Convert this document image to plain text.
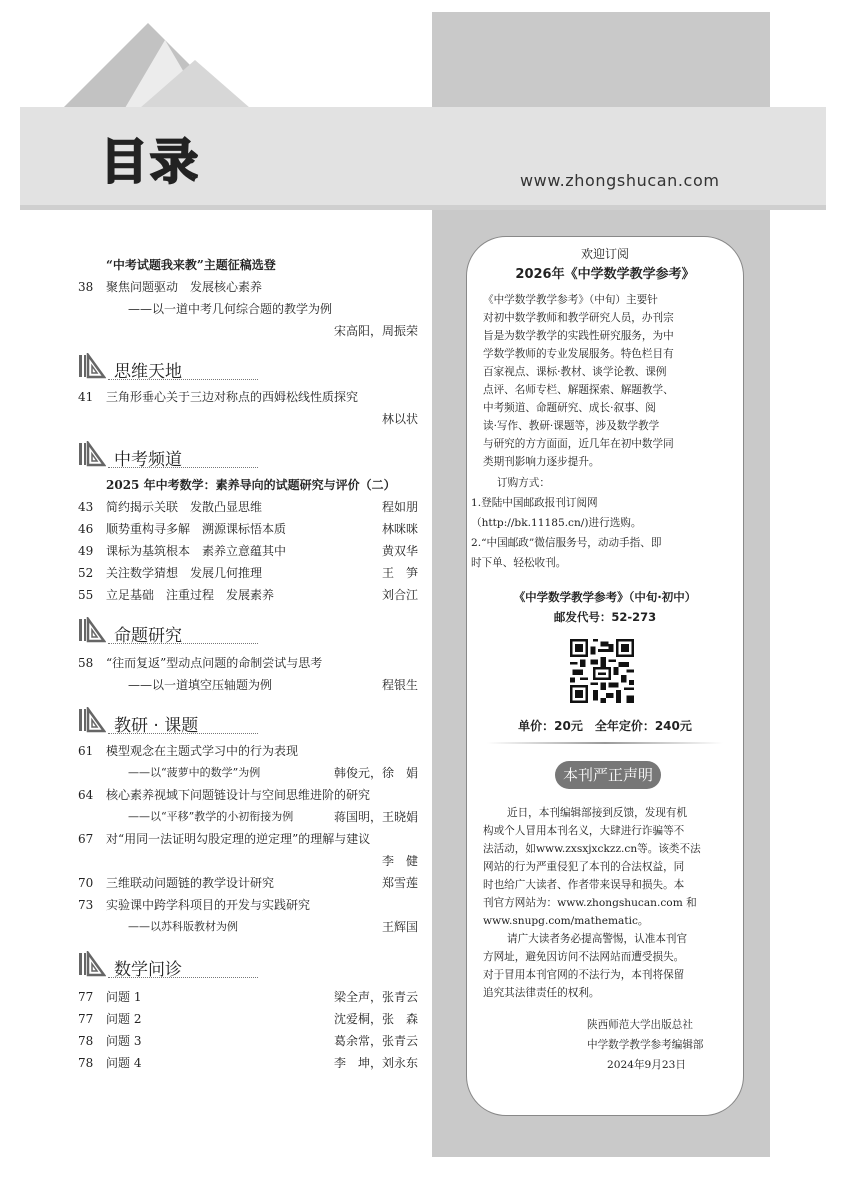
目录	www.zhongshucan.com
“中考试题我来教”主题征稿选登
38	聚焦问题驱动　发展核心素养
——以一道中考几何综合题的教学为例
宋高阳，周振荣
思维天地
41	三角形垂心关于三边对称点的西姆松线性质探究
林以状
中考频道
2025 年中考数学：素养导向的试题研究与评价（二）
43	简约揭示关联　发散凸显思维	程如朋
46	顺势重构寻多解　溯源课标悟本质	林咪咪
49	课标为基筑根本　素养立意蕴其中	黄双华
52	关注数学猜想　发展几何推理	王　笋
55	立足基础　注重过程　发展素养	刘合江
命题研究
58	“往而复返”型动点问题的命制尝试与思考
——以一道填空压轴题为例	程银生
教研 · 课题
61	模型观念在主题式学习中的行为表现
——以“菠萝中的数学”为例	韩俊元，徐　娟
64	核心素养视域下问题链设计与空间思维进阶的研究
——以“平移”教学的小初衔接为例	蒋国明，王晓娟
67	对“用同一法证明勾股定理的逆定理”的理解与建议
李　健
70	三维联动问题链的教学设计研究	郑雪莲
73	实验课中跨学科项目的开发与实践研究
——以苏科版教材为例	王辉国
数学问诊
77	问题 1	梁全声，张青云
77	问题 2	沈爱桐，张　森
78	问题 3	葛余常，张青云
78	问题 4	李　坤，刘永东
欢迎订阅
2026年《中学数学教学参考》
《中学数学教学参考》（中旬）主要针
对初中数学教师和教学研究人员，办刊宗
旨是为数学教学的实践性研究服务，为中
学数学教师的专业发展服务。特色栏目有
百家视点、课标·教材、谈学论教、课例
点评、名师专栏、解题探索、解题教学、
中考频道、命题研究、成长·叙事、阅
读·写作、教研·课题等，涉及数学教学
与研究的方方面面，近几年在初中数学同
类期刊影响力逐步提升。
订购方式：
1.登陆中国邮政报刊订阅网
（http://bk.11185.cn/)进行选购。
2.“中国邮政”微信服务号，动动手指、即
时下单、轻松收刊。
《中学数学教学参考》（中旬·初中）
邮发代号：52-273
单价：20元　全年定价：240元
本刊严正声明
近日，本刊编辑部接到反馈，发现有机
构或个人冒用本刊名义，大肆进行诈骗等不
法活动，如www.zxsxjxckzz.cn等。该类不法
网站的行为严重侵犯了本刊的合法权益，同
时也给广大读者、作者带来误导和损失。本
刊官方网站为：www.zhongshucan.com 和
www.snupg.com/mathematic。
请广大读者务必提高警惕，认准本刊官
方网址，避免因访问不法网站而遭受损失。
对于冒用本刊官网的不法行为，本刊将保留
追究其法律责任的权利。
陕西师范大学出版总社
中学数学教学参考编辑部
2024年9月23日
